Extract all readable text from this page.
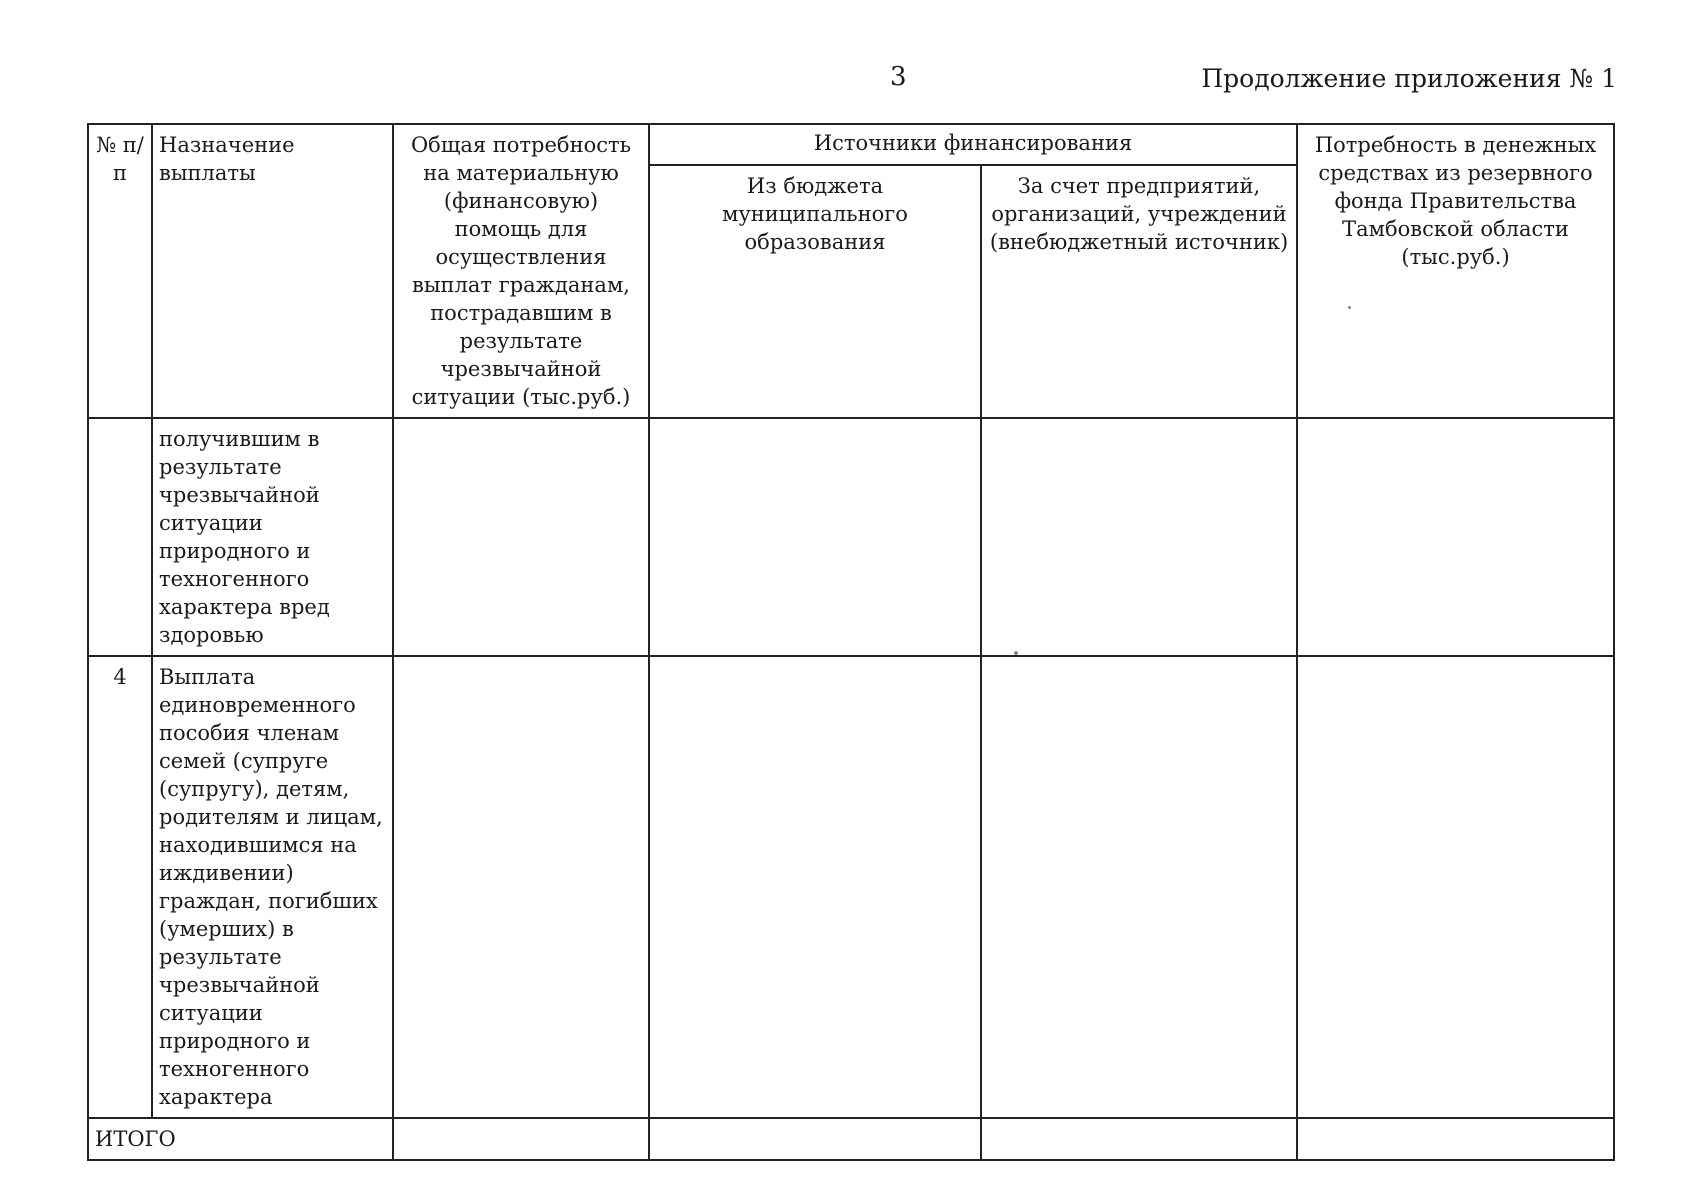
3	Продолжение приложения № 1
№ п/п	Назначение выплаты	Общая потребность на материальную (финансовую) помощь для осуществления выплат гражданам, пострадавшим в результате чрезвычайной ситуации (тыс.руб.)	Источники финансирования		Потребность в денежных средствах из резервного фонда Правительства Тамбовской области (тыс.руб.)
			Из бюджета муниципального образования	За счет предприятий, организаций, учреждений (внебюджетный источник)	
	получившим в результате чрезвычайной ситуации природного и техногенного характера вред здоровью				
4	Выплата единовременного пособия членам семей (супруге (супругу), детям, родителям и лицам, находившимся на иждивении) граждан, погибших (умерших) в результате чрезвычайной ситуации природного и техногенного характера				
ИТОГО					
